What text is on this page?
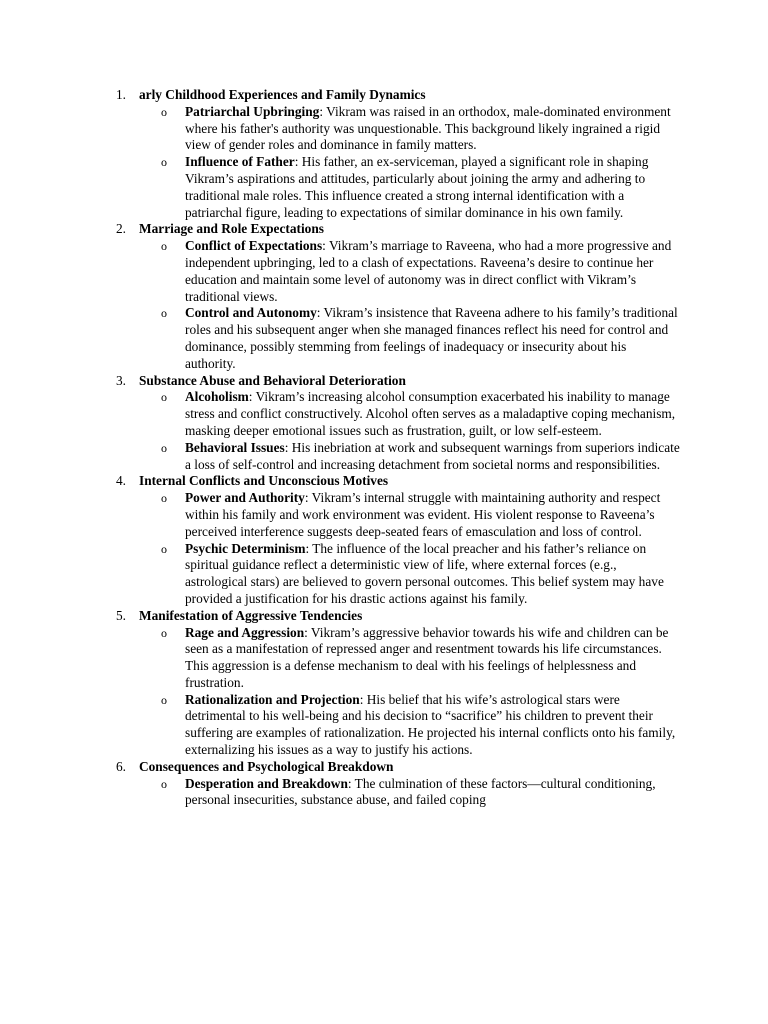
1. arly Childhood Experiences and Family Dynamics
o Patriarchal Upbringing: Vikram was raised in an orthodox, male-dominated environment where his father's authority was unquestionable. This background likely ingrained a rigid view of gender roles and dominance in family matters.
o Influence of Father: His father, an ex-serviceman, played a significant role in shaping Vikram’s aspirations and attitudes, particularly about joining the army and adhering to traditional male roles. This influence created a strong internal identification with a patriarchal figure, leading to expectations of similar dominance in his own family.
2. Marriage and Role Expectations
o Conflict of Expectations: Vikram’s marriage to Raveena, who had a more progressive and independent upbringing, led to a clash of expectations. Raveena’s desire to continue her education and maintain some level of autonomy was in direct conflict with Vikram’s traditional views.
o Control and Autonomy: Vikram’s insistence that Raveena adhere to his family’s traditional roles and his subsequent anger when she managed finances reflect his need for control and dominance, possibly stemming from feelings of inadequacy or insecurity about his authority.
3. Substance Abuse and Behavioral Deterioration
o Alcoholism: Vikram’s increasing alcohol consumption exacerbated his inability to manage stress and conflict constructively. Alcohol often serves as a maladaptive coping mechanism, masking deeper emotional issues such as frustration, guilt, or low self-esteem.
o Behavioral Issues: His inebriation at work and subsequent warnings from superiors indicate a loss of self-control and increasing detachment from societal norms and responsibilities.
4. Internal Conflicts and Unconscious Motives
o Power and Authority: Vikram’s internal struggle with maintaining authority and respect within his family and work environment was evident. His violent response to Raveena’s perceived interference suggests deep-seated fears of emasculation and loss of control.
o Psychic Determinism: The influence of the local preacher and his father’s reliance on spiritual guidance reflect a deterministic view of life, where external forces (e.g., astrological stars) are believed to govern personal outcomes. This belief system may have provided a justification for his drastic actions against his family.
5. Manifestation of Aggressive Tendencies
o Rage and Aggression: Vikram’s aggressive behavior towards his wife and children can be seen as a manifestation of repressed anger and resentment towards his life circumstances. This aggression is a defense mechanism to deal with his feelings of helplessness and frustration.
o Rationalization and Projection: His belief that his wife’s astrological stars were detrimental to his well-being and his decision to “sacrifice” his children to prevent their suffering are examples of rationalization. He projected his internal conflicts onto his family, externalizing his issues as a way to justify his actions.
6. Consequences and Psychological Breakdown
o Desperation and Breakdown: The culmination of these factors—cultural conditioning, personal insecurities, substance abuse, and failed coping
